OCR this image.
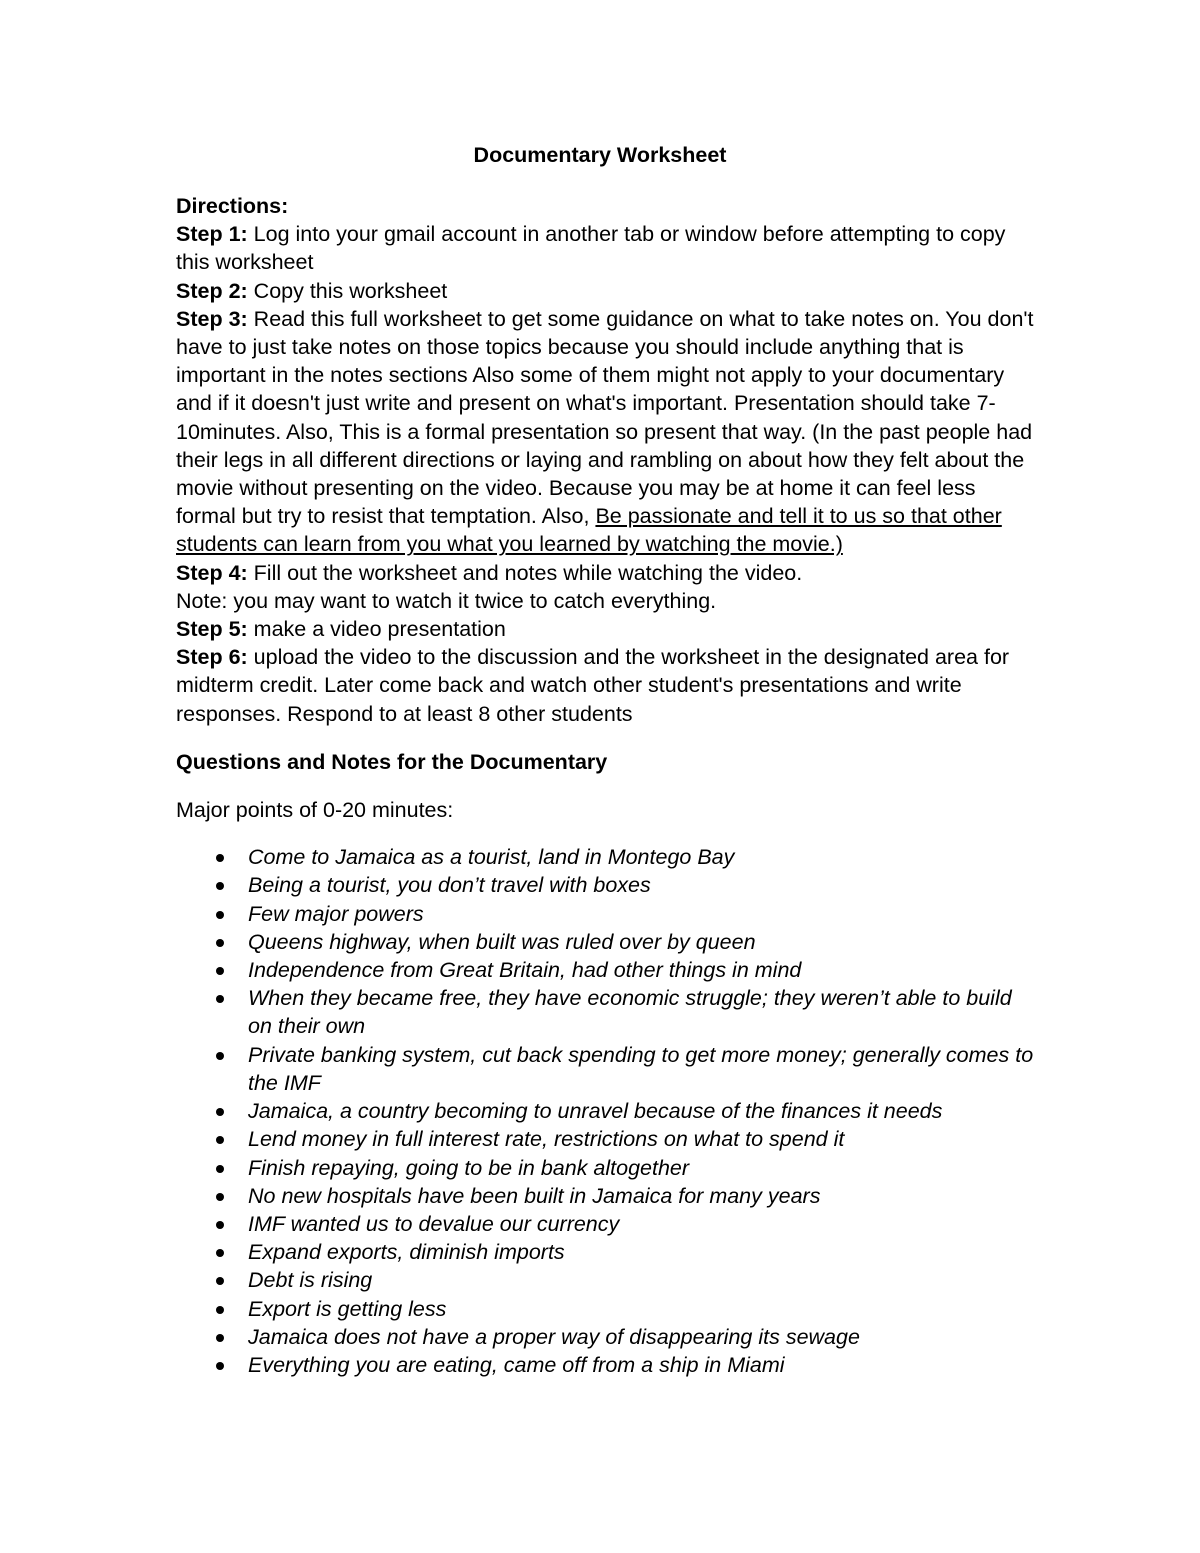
Documentary Worksheet
Directions:

Step 1: Log into your gmail account in another tab or window before attempting to copy this worksheet

Step 2: Copy this worksheet

Step 3: Read this full worksheet to get some guidance on what to take notes on. You don't have to just take notes on those topics because you should include anything that is important in the notes sections Also some of them might not apply to your documentary and if it doesn't just write and present on what's important. Presentation should take 7-10minutes. Also, This is a formal presentation so present that way. (In the past people had their legs in all different directions or laying and rambling on about how they felt about the movie without presenting on the video. Because you may be at home it can feel less formal but try to resist that temptation. Also, Be passionate and tell it to us so that other students can learn from you what you learned by watching the movie.)

Step 4: Fill out the worksheet and notes while watching the video.

Note: you may want to watch it twice to catch everything.

Step 5: make a video presentation

Step 6: upload the video to the discussion and the worksheet in the designated area for midterm credit. Later come back and watch other student's presentations and write responses. Respond to at least 8 other students

Questions and Notes for the Documentary
Major points of 0-20 minutes:
Come to Jamaica as a tourist, land in Montego Bay
Being a tourist, you don’t travel with boxes
Few major powers
Queens highway, when built was ruled over by queen
Independence from Great Britain, had other things in mind
When they became free, they have economic struggle; they weren’t able to build on their own
Private banking system, cut back spending to get more money; generally comes to the IMF
Jamaica, a country becoming to unravel because of the finances it needs
Lend money in full interest rate, restrictions on what to spend it
Finish repaying, going to be in bank altogether
No new hospitals have been built in Jamaica for many years
IMF wanted us to devalue our currency
Expand exports, diminish imports
Debt is rising
Export is getting less
Jamaica does not have a proper way of disappearing its sewage
Everything you are eating, came off from a ship in Miami
